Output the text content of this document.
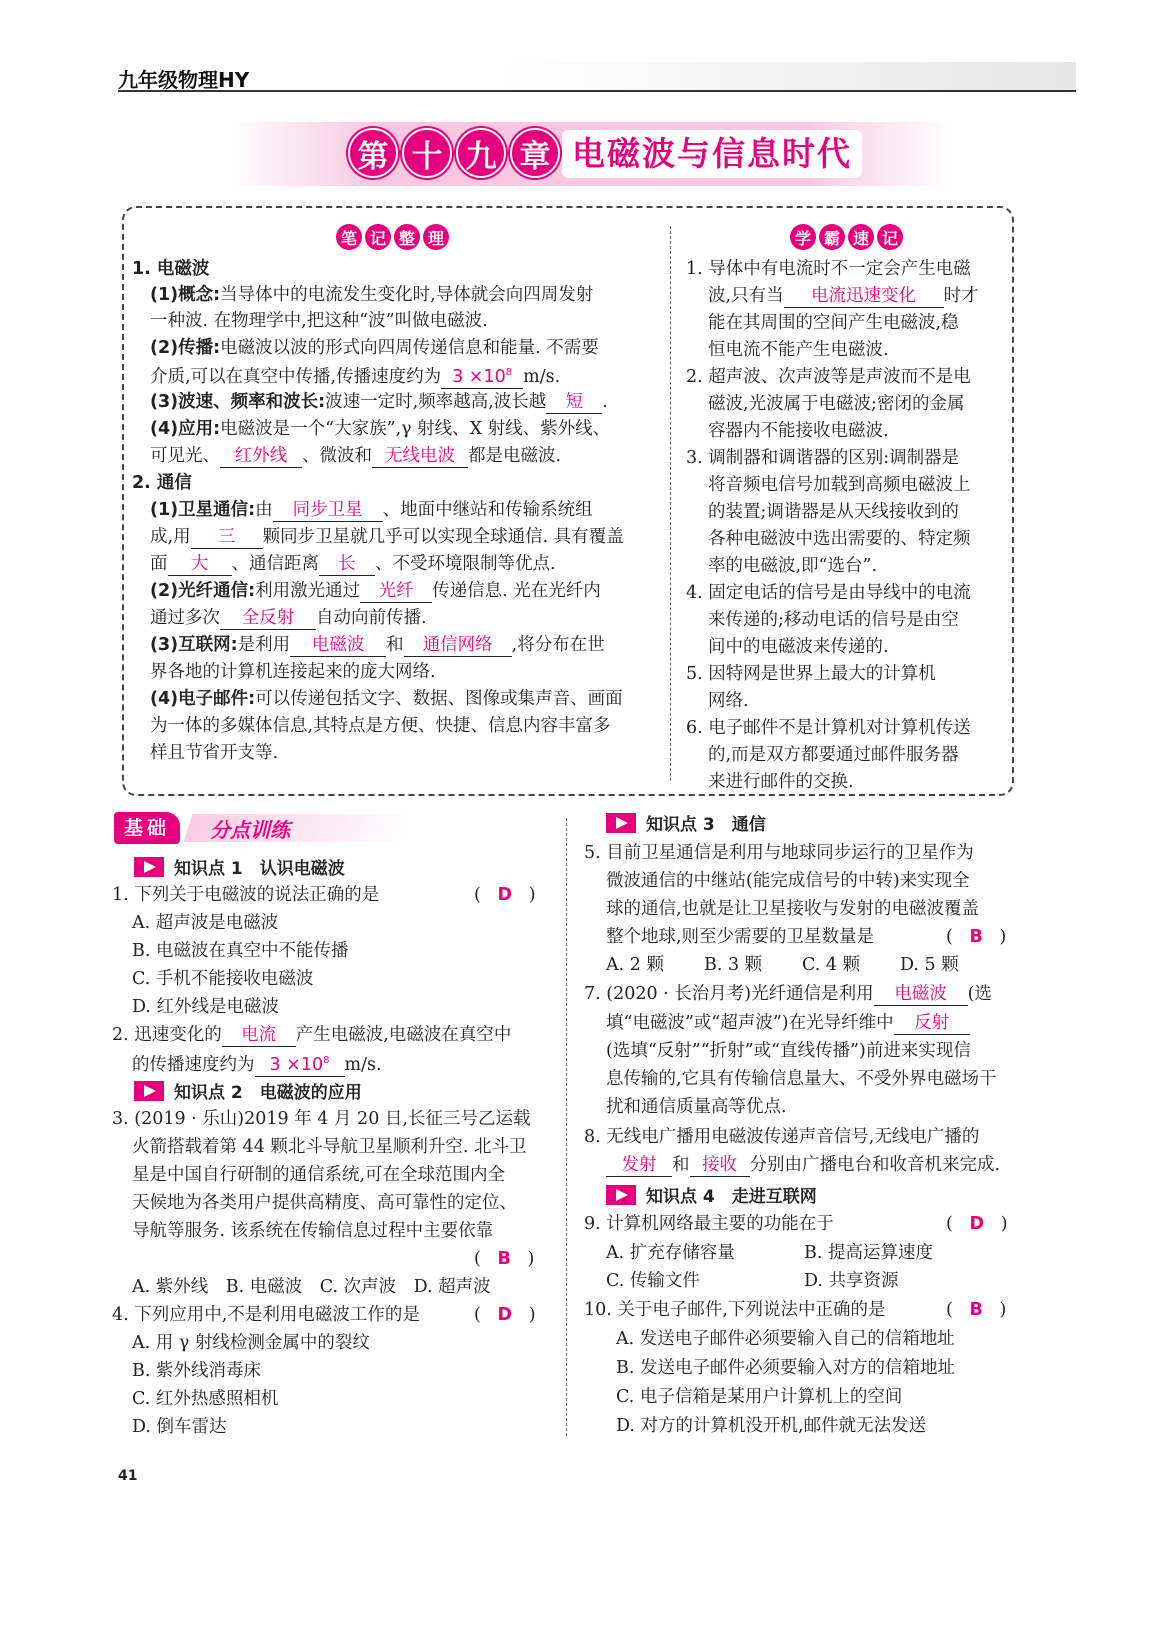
九年级物理HY
第 十 九 章 电磁波与信息时代
笔 记 整 理	学 霸 速 记
1. 电磁波
(1)概念:当导体中的电流发生变化时,导体就会向四周发射
一种波. 在物理学中,把这种“波”叫做电磁波.
(2)传播:电磁波以波的形式向四周传递信息和能量. 不需要
介质,可以在真空中传播,传播速度约为 $3 \times 10^8$ m/s.
(3)波速、频率和波长:波速一定时,频率越高,波长越 短 .
(4)应用:电磁波是一个“大家族”,γ 射线、X 射线、紫外线、
可见光、 红外线 、微波和 无线电波 都是电磁波.
2. 通信
(1)卫星通信:由 同步卫星 、地面中继站和传输系统组
成,用 三 颗同步卫星就几乎可以实现全球通信. 具有覆盖
面 大 、通信距离 长 、不受环境限制等优点.
(2)光纤通信:利用激光通过 光纤 传递信息. 光在光纤内
通过多次 全反射 自动向前传播.
(3)互联网:是利用 电磁波 和 通信网络 ,将分布在世
界各地的计算机连接起来的庞大网络.
(4)电子邮件:可以传递包括文字、数据、图像或集声音、画面
为一体的多媒体信息,其特点是方便、快捷、信息内容丰富多
样且节省开支等.
1. 导体中有电流时不一定会产生电磁
波,只有当 电流迅速变化 时才
能在其周围的空间产生电磁波,稳
恒电流不能产生电磁波.
2. 超声波、次声波等是声波而不是电
磁波,光波属于电磁波;密闭的金属
容器内不能接收电磁波.
3. 调制器和调谐器的区别:调制器是
将音频电信号加载到高频电磁波上
的装置;调谐器是从天线接收到的
各种电磁波中选出需要的、特定频
率的电磁波,即“选台”.
4. 固定电话的信号是由导线中的电流
来传递的;移动电话的信号是由空
间中的电磁波来传递的.
5. 因特网是世界上最大的计算机
网络.
6. 电子邮件不是计算机对计算机传送
的,而是双方都要通过邮件服务器
来进行邮件的交换.
基础	分点训练
知识点 1　认识电磁波
1. 下列关于电磁波的说法正确的是	(   D   )
A. 超声波是电磁波
B. 电磁波在真空中不能传播
C. 手机不能接收电磁波
D. 红外线是电磁波
2. 迅速变化的 电流 产生电磁波,电磁波在真空中
的传播速度约为 $3 \times 10^8$ m/s.
知识点 2　电磁波的应用
3. (2019 · 乐山)2019 年 4 月 20 日,长征三号乙运载
火箭搭载着第 44 颗北斗导航卫星顺利升空. 北斗卫
星是中国自行研制的通信系统,可在全球范围内全
天候地为各类用户提供高精度、高可靠性的定位、
导航等服务. 该系统在传输信息过程中主要依靠
(   B   )
A. 紫外线　B. 电磁波　C. 次声波　D. 超声波
4. 下列应用中,不是利用电磁波工作的是	(   D   )
A. 用 γ 射线检测金属中的裂纹
B. 紫外线消毒床
C. 红外热感照相机
D. 倒车雷达
知识点 3　通信
5. 目前卫星通信是利用与地球同步运行的卫星作为
微波通信的中继站(能完成信号的中转)来实现全
球的通信,也就是让卫星接收与发射的电磁波覆盖
整个地球,则至少需要的卫星数量是	(   B   )
A. 2 颗 B. 3 颗 C. 4 颗 D. 5 颗
7. (2020 · 长治月考)光纤通信是利用 电磁波 (选
填“电磁波”或“超声波”)在光导纤维中 反射
(选填“反射”“折射”或“直线传播”)前进来实现信
息传输的,它具有传输信息量大、不受外界电磁场干
扰和通信质量高等优点.
8. 无线电广播用电磁波传递声音信号,无线电广播的
发射 和 接收 分别由广播电台和收音机来完成.
知识点 4　走进互联网
9. 计算机网络最主要的功能在于	(   D   )
A. 扩充存储容量	B. 提高运算速度
C. 传输文件	D. 共享资源
10. 关于电子邮件,下列说法中正确的是	(   B   )
A. 发送电子邮件必须要输入自己的信箱地址
B. 发送电子邮件必须要输入对方的信箱地址
C. 电子信箱是某用户计算机上的空间
D. 对方的计算机没开机,邮件就无法发送
41
